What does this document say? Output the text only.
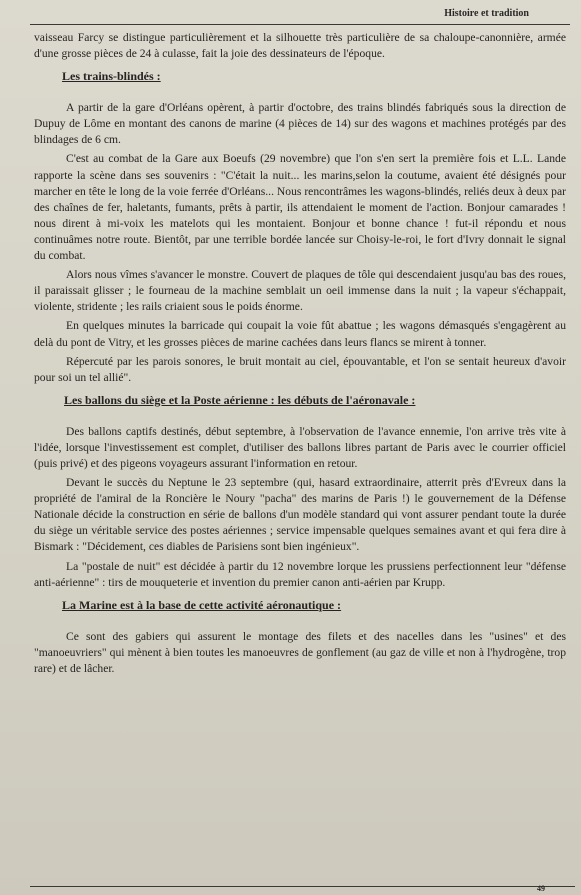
Histoire et tradition

vaisseau Farcy se distingue particulièrement et la silhouette très particulière de sa chaloupe-canonnière, armée d'une grosse pièces de 24 à culasse, fait la joie des dessinateurs de l'époque.

Les trains-blindés :

A partir de la gare d'Orléans opèrent, à partir d'octobre, des trains blindés fabriqués sous la direction de Dupuy de Lôme en montant des canons de marine (4 pièces de 14) sur des wagons et machines protégés par des blindages de 6 cm.

C'est au combat de la Gare aux Boeufs (29 novembre) que l'on s'en sert la première fois et L.L. Lande rapporte la scène dans ses souvenirs : "C'était la nuit... les marins,selon la coutume, avaient été désignés pour marcher en tête le long de la voie ferrée d'Orléans... Nous rencontrâmes les wagons-blindés, reliés deux à deux par des chaînes de fer, haletants, fumants, prêts à partir, ils attendaient le moment de l'action. Bonjour camarades ! nous dirent à mi-voix les matelots qui les montaient. Bonjour et bonne chance ! fut-il répondu et nous continuâmes notre route. Bientôt, par une terrible bordée lancée sur Choisy-le-roi, le fort d'Ivry donnait le signal du combat.

Alors nous vîmes s'avancer le monstre. Couvert de plaques de tôle qui descendaient jusqu'au bas des roues, il paraissait glisser ; le fourneau de la machine semblait un oeil immense dans la nuit ; la vapeur s'échappait, violente, stridente ; les rails criaient sous le poids énorme.

En quelques minutes la barricade qui coupait la voie fût abattue ; les wagons démasqués s'engagèrent au delà du pont de Vitry, et les grosses pièces de marine cachées dans leurs flancs se mirent à tonner.

Répercuté par les parois sonores, le bruit montait au ciel, épouvantable, et l'on se sentait heureux d'avoir pour soi un tel allié".

Les ballons du siège et la Poste aérienne : les débuts de l'aéronavale :

Des ballons captifs destinés, début septembre, à l'observation de l'avance ennemie, l'on arrive très vite à l'idée, lorsque l'investissement est complet, d'utiliser des ballons libres partant de Paris avec le courrier officiel (puis privé) et des pigeons voyageurs assurant l'information en retour.

Devant le succès du Neptune le 23 septembre (qui, hasard extraordinaire, atterrit près d'Evreux dans la propriété de l'amiral de la Roncière le Noury "pacha" des marins de Paris !) le gouvernement de la Défense Nationale décide la construction en série de ballons d'un modèle standard qui vont assurer pendant toute la durée du siège un véritable service des postes aériennes ; service impensable quelques semaines avant et qui fera dire à Bismark : "Décidement, ces diables de Parisiens sont bien ingénieux".

La "postale de nuit" est décidée à partir du 12 novembre lorque les prussiens perfectionnent leur "défense anti-aérienne" : tirs de mouqueterie et invention du premier canon anti-aérien par Krupp.

La Marine est à la base de cette activité aéronautique :

Ce sont des gabiers qui assurent le montage des filets et des nacelles dans les "usines" et des "manoeuvriers" qui mènent à bien toutes les manoeuvres de gonflement (au gaz de ville et non à l'hydrogène, trop rare) et de lâcher.

49
